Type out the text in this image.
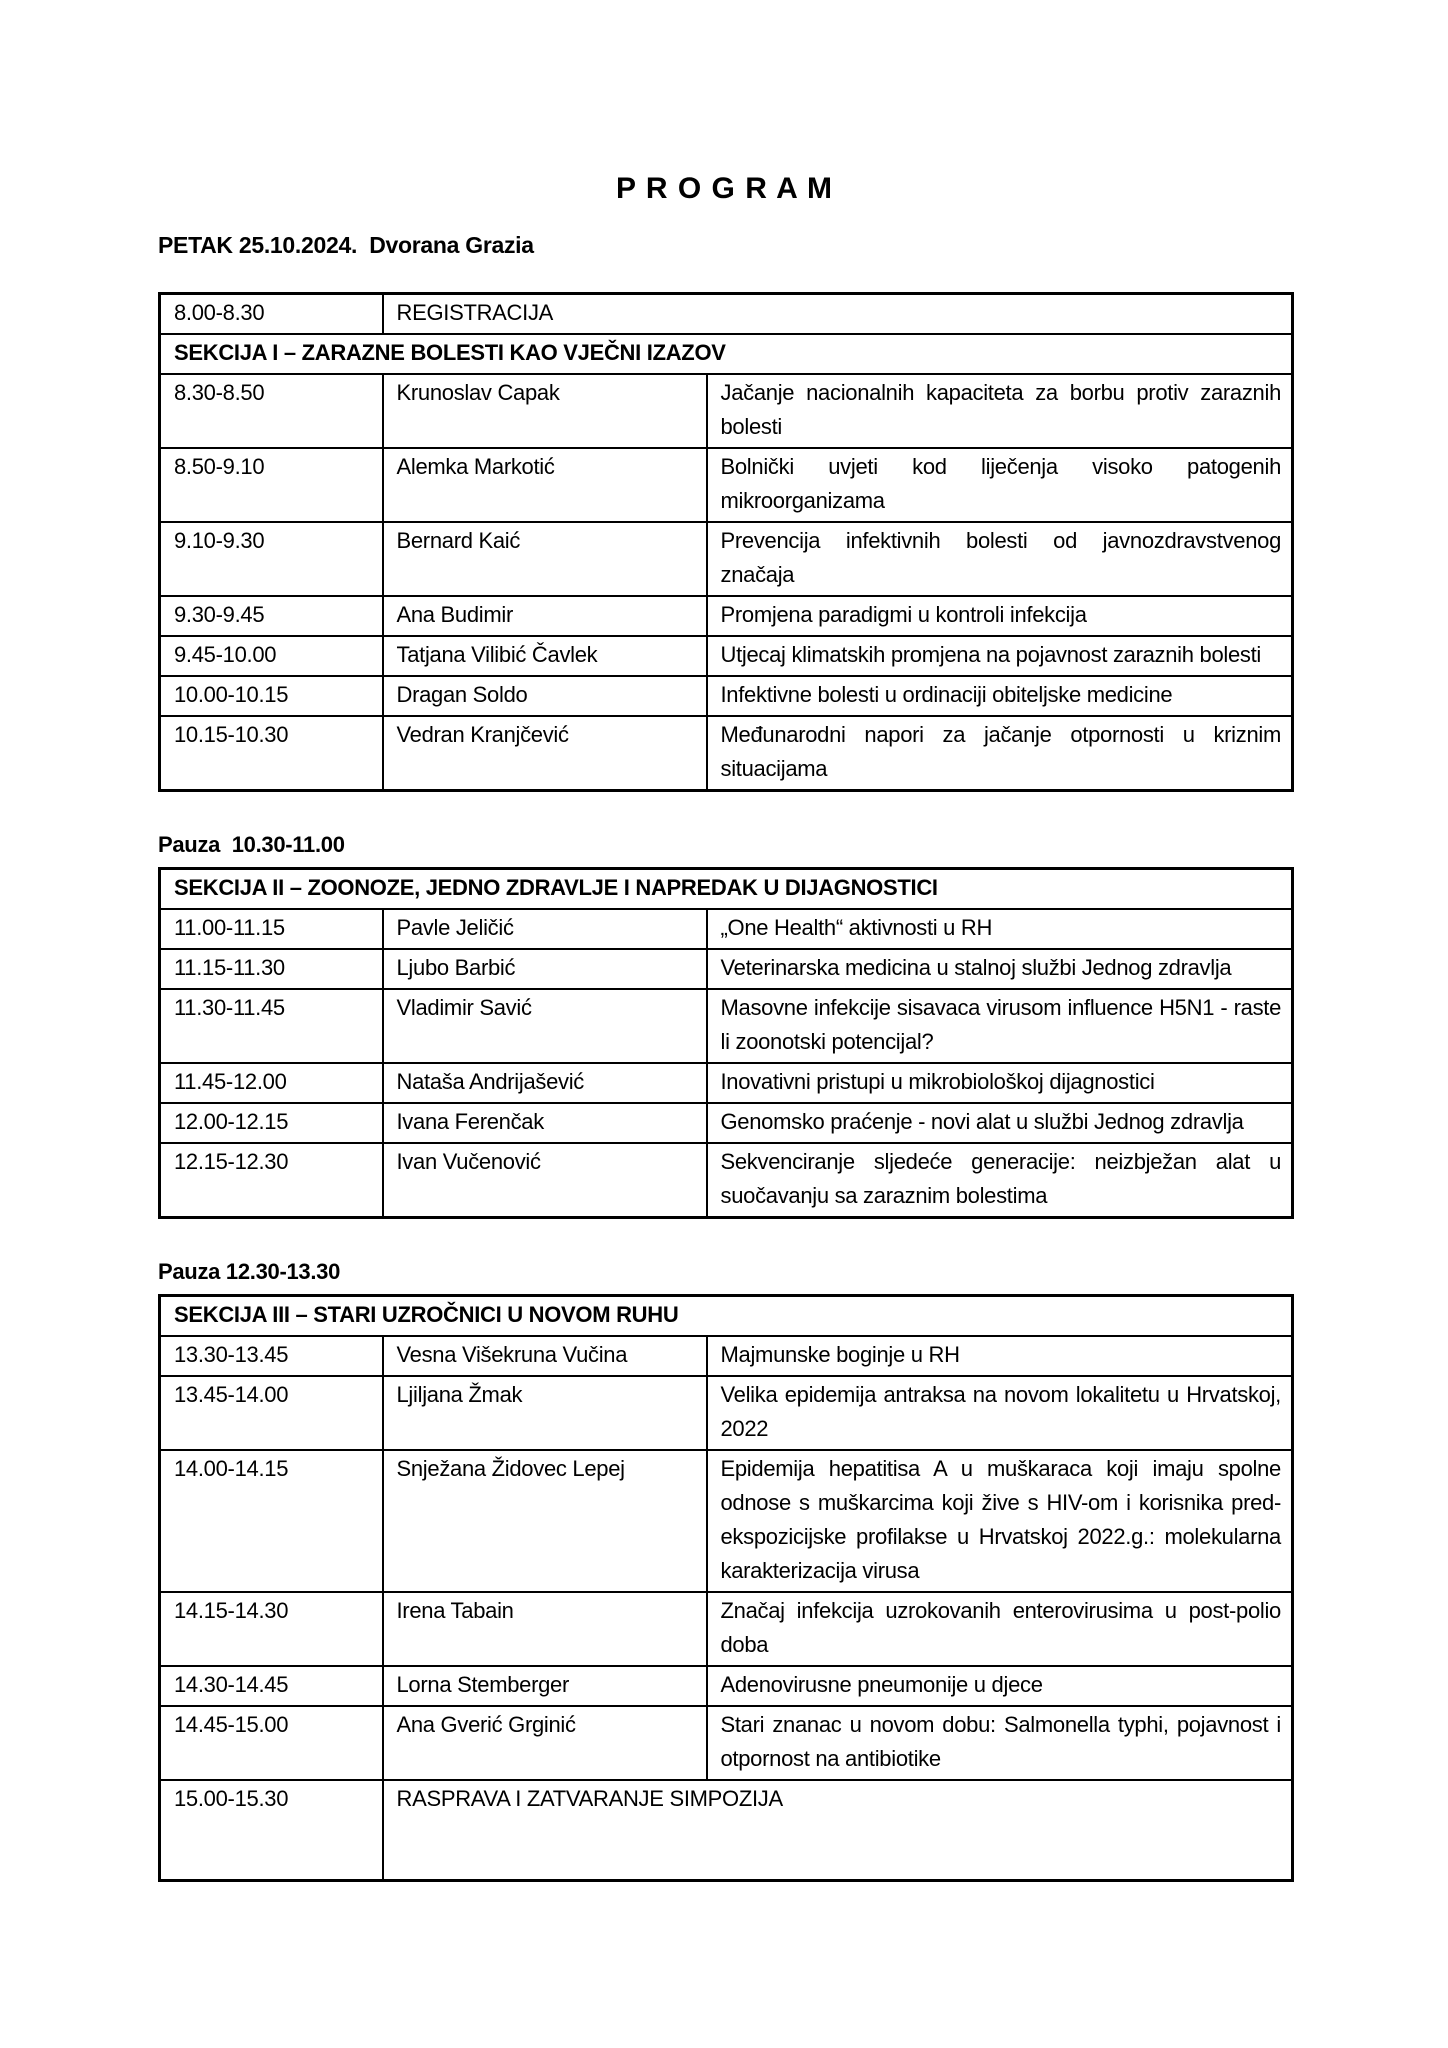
P R O G R A M

PETAK 25.10.2024.  Dvorana Grazia

8.00-8.30	REGISTRACIJA	
SEKCIJA I – ZARAZNE BOLESTI KAO VJEČNI IZAZOV		
8.30-8.50	Krunoslav Capak	Jačanje nacionalnih kapaciteta za borbu protiv zaraznih bolesti
8.50-9.10	Alemka Markotić	Bolnički uvjeti kod liječenja visoko patogenih mikroorganizama
9.10-9.30	Bernard Kaić	Prevencija infektivnih bolesti od javnozdravstvenog značaja
9.30-9.45	Ana Budimir	Promjena paradigmi u kontroli infekcija
9.45-10.00	Tatjana Vilibić Čavlek	Utjecaj klimatskih promjena na pojavnost zaraznih bolesti
10.00-10.15	Dragan Soldo	Infektivne bolesti u ordinaciji obiteljske medicine
10.15-10.30	Vedran Kranjčević	Međunarodni napori za jačanje otpornosti u kriznim situacijama

Pauza  10.30-11.00

SEKCIJA II – ZOONOZE, JEDNO ZDRAVLJE I NAPREDAK U DIJAGNOSTICI		
11.00-11.15	Pavle Jeličić	„One Health“ aktivnosti u RH
11.15-11.30	Ljubo Barbić	Veterinarska medicina u stalnoj službi Jednog zdravlja
11.30-11.45	Vladimir Savić	Masovne infekcije sisavaca virusom influence H5N1 - raste li zoonotski potencijal?
11.45-12.00	Nataša Andrijašević	Inovativni pristupi u mikrobiološkoj dijagnostici
12.00-12.15	Ivana Ferenčak	Genomsko praćenje - novi alat u službi Jednog zdravlja
12.15-12.30	Ivan Vučenović	Sekvenciranje sljedeće generacije: neizbježan alat u suočavanju sa zaraznim bolestima

Pauza 12.30-13.30

SEKCIJA III – STARI UZROČNICI U NOVOM RUHU		
13.30-13.45	Vesna Višekruna Vučina	Majmunske boginje u RH
13.45-14.00	Ljiljana Žmak	Velika epidemija antraksa na novom lokalitetu u Hrvatskoj, 2022
14.00-14.15	Snježana Židovec Lepej	Epidemija hepatitisa A u muškaraca koji imaju spolne odnose s muškarcima koji žive s HIV-om i korisnika pred-ekspozicijske profilakse u Hrvatskoj 2022.g.: molekularna karakterizacija virusa
14.15-14.30	Irena Tabain	Značaj infekcija uzrokovanih enterovirusima u post-polio doba
14.30-14.45	Lorna Stemberger	Adenovirusne pneumonije u djece
14.45-15.00	Ana Gverić Grginić	Stari znanac u novom dobu: Salmonella typhi, pojavnost i otpornost na antibiotike
15.00-15.30	RASPRAVA I ZATVARANJE SIMPOZIJA	
